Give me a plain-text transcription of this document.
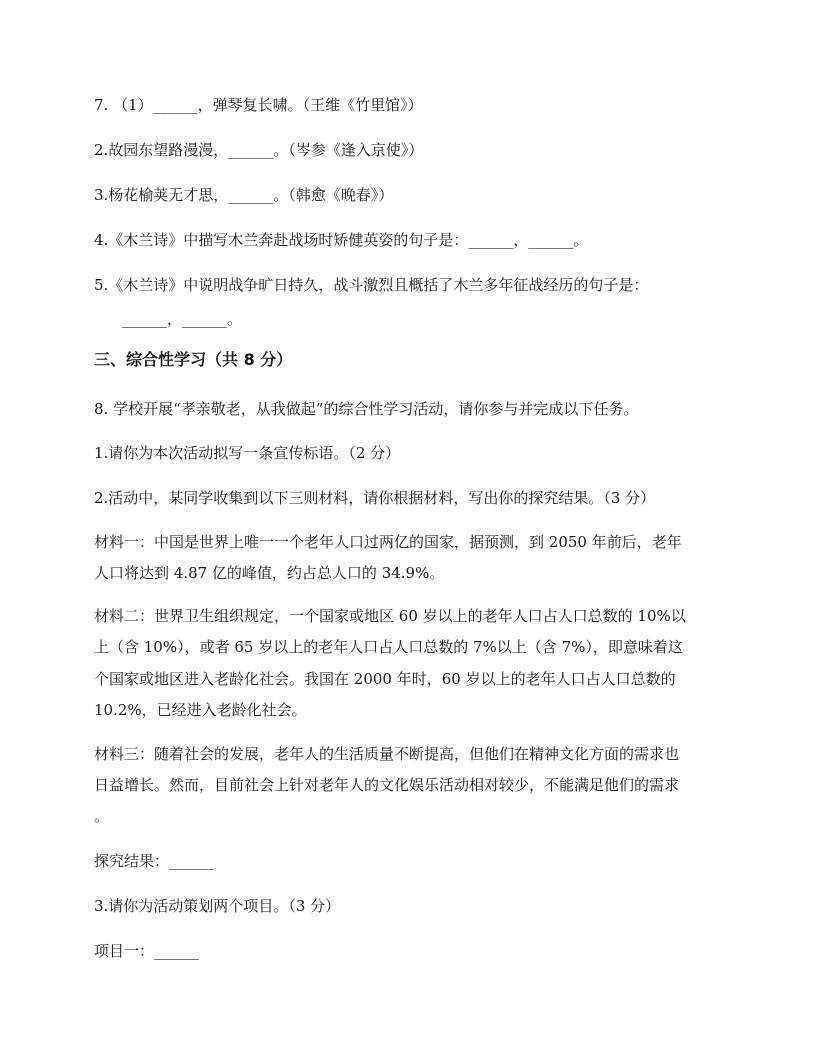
7. （1）______，弹琴复长啸。（王维《竹里馆》）
2.故园东望路漫漫，______。（岑参《逢入京使》）
3.杨花榆荚无才思，______。（韩愈《晚春》）
4.《木兰诗》中描写木兰奔赴战场时矫健英姿的句子是：______，______。
5.《木兰诗》中说明战争旷日持久，战斗激烈且概括了木兰多年征战经历的句子是：
______，______。
三、综合性学习（共 8 分）
8. 学校开展“孝亲敬老，从我做起”的综合性学习活动，请你参与并完成以下任务。
1.请你为本次活动拟写一条宣传标语。（2 分）
2.活动中，某同学收集到以下三则材料，请你根据材料，写出你的探究结果。（3 分）
材料一：中国是世界上唯一一个老年人口过两亿的国家，据预测，到 2050 年前后，老年
人口将达到 4.87 亿的峰值，约占总人口的 34.9%。
材料二：世界卫生组织规定，一个国家或地区 60 岁以上的老年人口占人口总数的 10%以
上（含 10%），或者 65 岁以上的老年人口占人口总数的 7%以上（含 7%），即意味着这
个国家或地区进入老龄化社会。我国在 2000 年时，60 岁以上的老年人口占人口总数的
10.2%，已经进入老龄化社会。
材料三：随着社会的发展，老年人的生活质量不断提高，但他们在精神文化方面的需求也
日益增长。然而，目前社会上针对老年人的文化娱乐活动相对较少，不能满足他们的需求
。
探究结果：______
3.请你为活动策划两个项目。（3 分）
项目一：______
